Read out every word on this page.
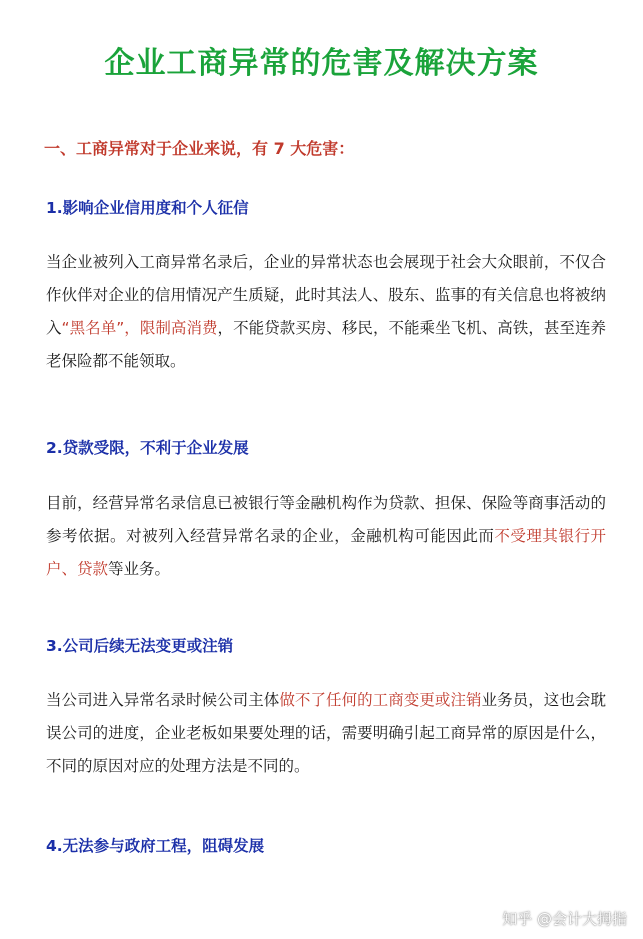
企业工商异常的危害及解决方案
一、工商异常对于企业来说，有 7 大危害：
1.影响企业信用度和个人征信
当企业被列入工商异常名录后，企业的异常状态也会展现于社会大众眼前，不仅合作伙伴对企业的信用情况产生质疑，此时其法人、股东、监事的有关信息也将被纳入“黑名单”，限制高消费，不能贷款买房、移民，不能乘坐飞机、高铁，甚至连养老保险都不能领取。
2.贷款受限，不利于企业发展
目前，经营异常名录信息已被银行等金融机构作为贷款、担保、保险等商事活动的参考依据。对被列入经营异常名录的企业，金融机构可能因此而不受理其银行开户、贷款等业务。
3.公司后续无法变更或注销
当公司进入异常名录时候公司主体做不了任何的工商变更或注销业务员，这也会耽误公司的进度，企业老板如果要处理的话，需要明确引起工商异常的原因是什么，不同的原因对应的处理方法是不同的。
4.无法参与政府工程，阻碍发展
知乎 @会计大拇指
